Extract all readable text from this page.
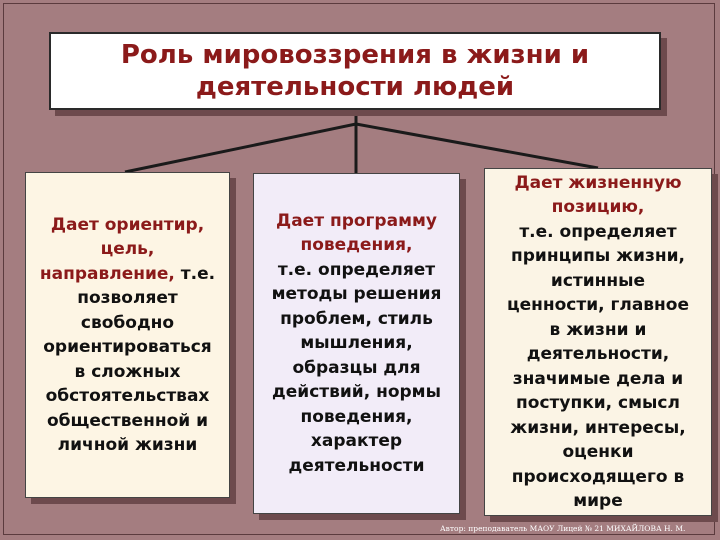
Роль мировоззрения в жизни и
деятельности людей
Дает ориентир,
цель,
направление, т.е.
позволяет
свободно
ориентироваться
в сложных
обстоятельствах
общественной и
личной жизни
Дает программу
поведения,
т.е. определяет
методы решения
проблем, стиль
мышления,
образцы для
действий, нормы
поведения,
характер
деятельности
Дает жизненную
позицию,
т.е. определяет
принципы жизни,
истинные
ценности, главное
в жизни и
деятельности,
значимые дела и
поступки, смысл
жизни, интересы,
оценки
происходящего в
мире
Автор: преподаватель МАОУ Лицей № 21 МИХАЙЛОВА Н. М.
